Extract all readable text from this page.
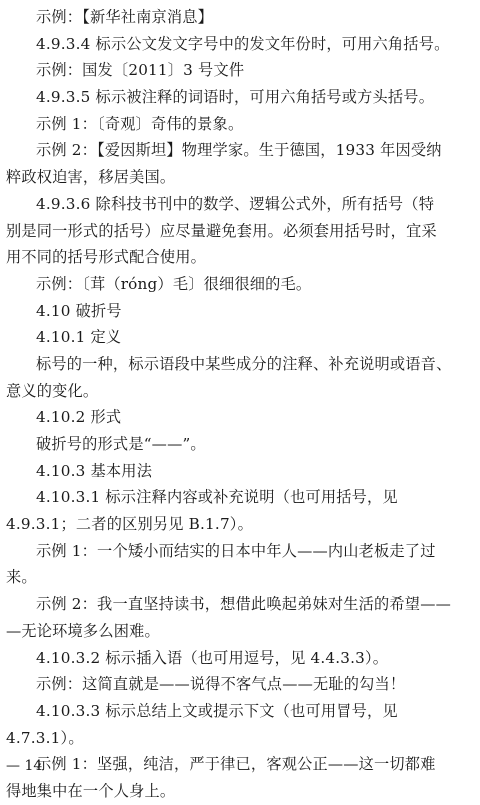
示例：【新华社南京消息】
4.9.3.4 标示公文发文字号中的发文年份时，可用六角括号。
示例：国发〔2011〕3 号文件
4.9.3.5 标示被注释的词语时，可用六角括号或方头括号。
示例 1：〔奇观〕奇伟的景象。
示例 2：【爱因斯坦】物理学家。生于德国，1933 年因受纳
粹政权迫害，移居美国。
4.9.3.6 除科技书刊中的数学、逻辑公式外，所有括号（特
别是同一形式的括号）应尽量避免套用。必须套用括号时，宜采
用不同的括号形式配合使用。
示例：〔茸（róng）毛〕很细很细的毛。
4.10 破折号
4.10.1 定义
标号的一种，标示语段中某些成分的注释、补充说明或语音、
意义的变化。
4.10.2 形式
破折号的形式是“——”。
4.10.3 基本用法
4.10.3.1 标示注释内容或补充说明（也可用括号，见
4.9.3.1；二者的区别另见 B.1.7）。
示例 1：一个矮小而结实的日本中年人——内山老板走了过
来。
示例 2：我一直坚持读书，想借此唤起弟妹对生活的希望——
—无论环境多么困难。
4.10.3.2 标示插入语（也可用逗号，见 4.4.3.3）。
示例：这简直就是——说得不客气点——无耻的勾当！
4.10.3.3 标示总结上文或提示下文（也可用冒号，见
4.7.3.1）。
示例 1：坚强，纯洁，严于律已，客观公正——这一切都难
得地集中在一个人身上。
— 14
